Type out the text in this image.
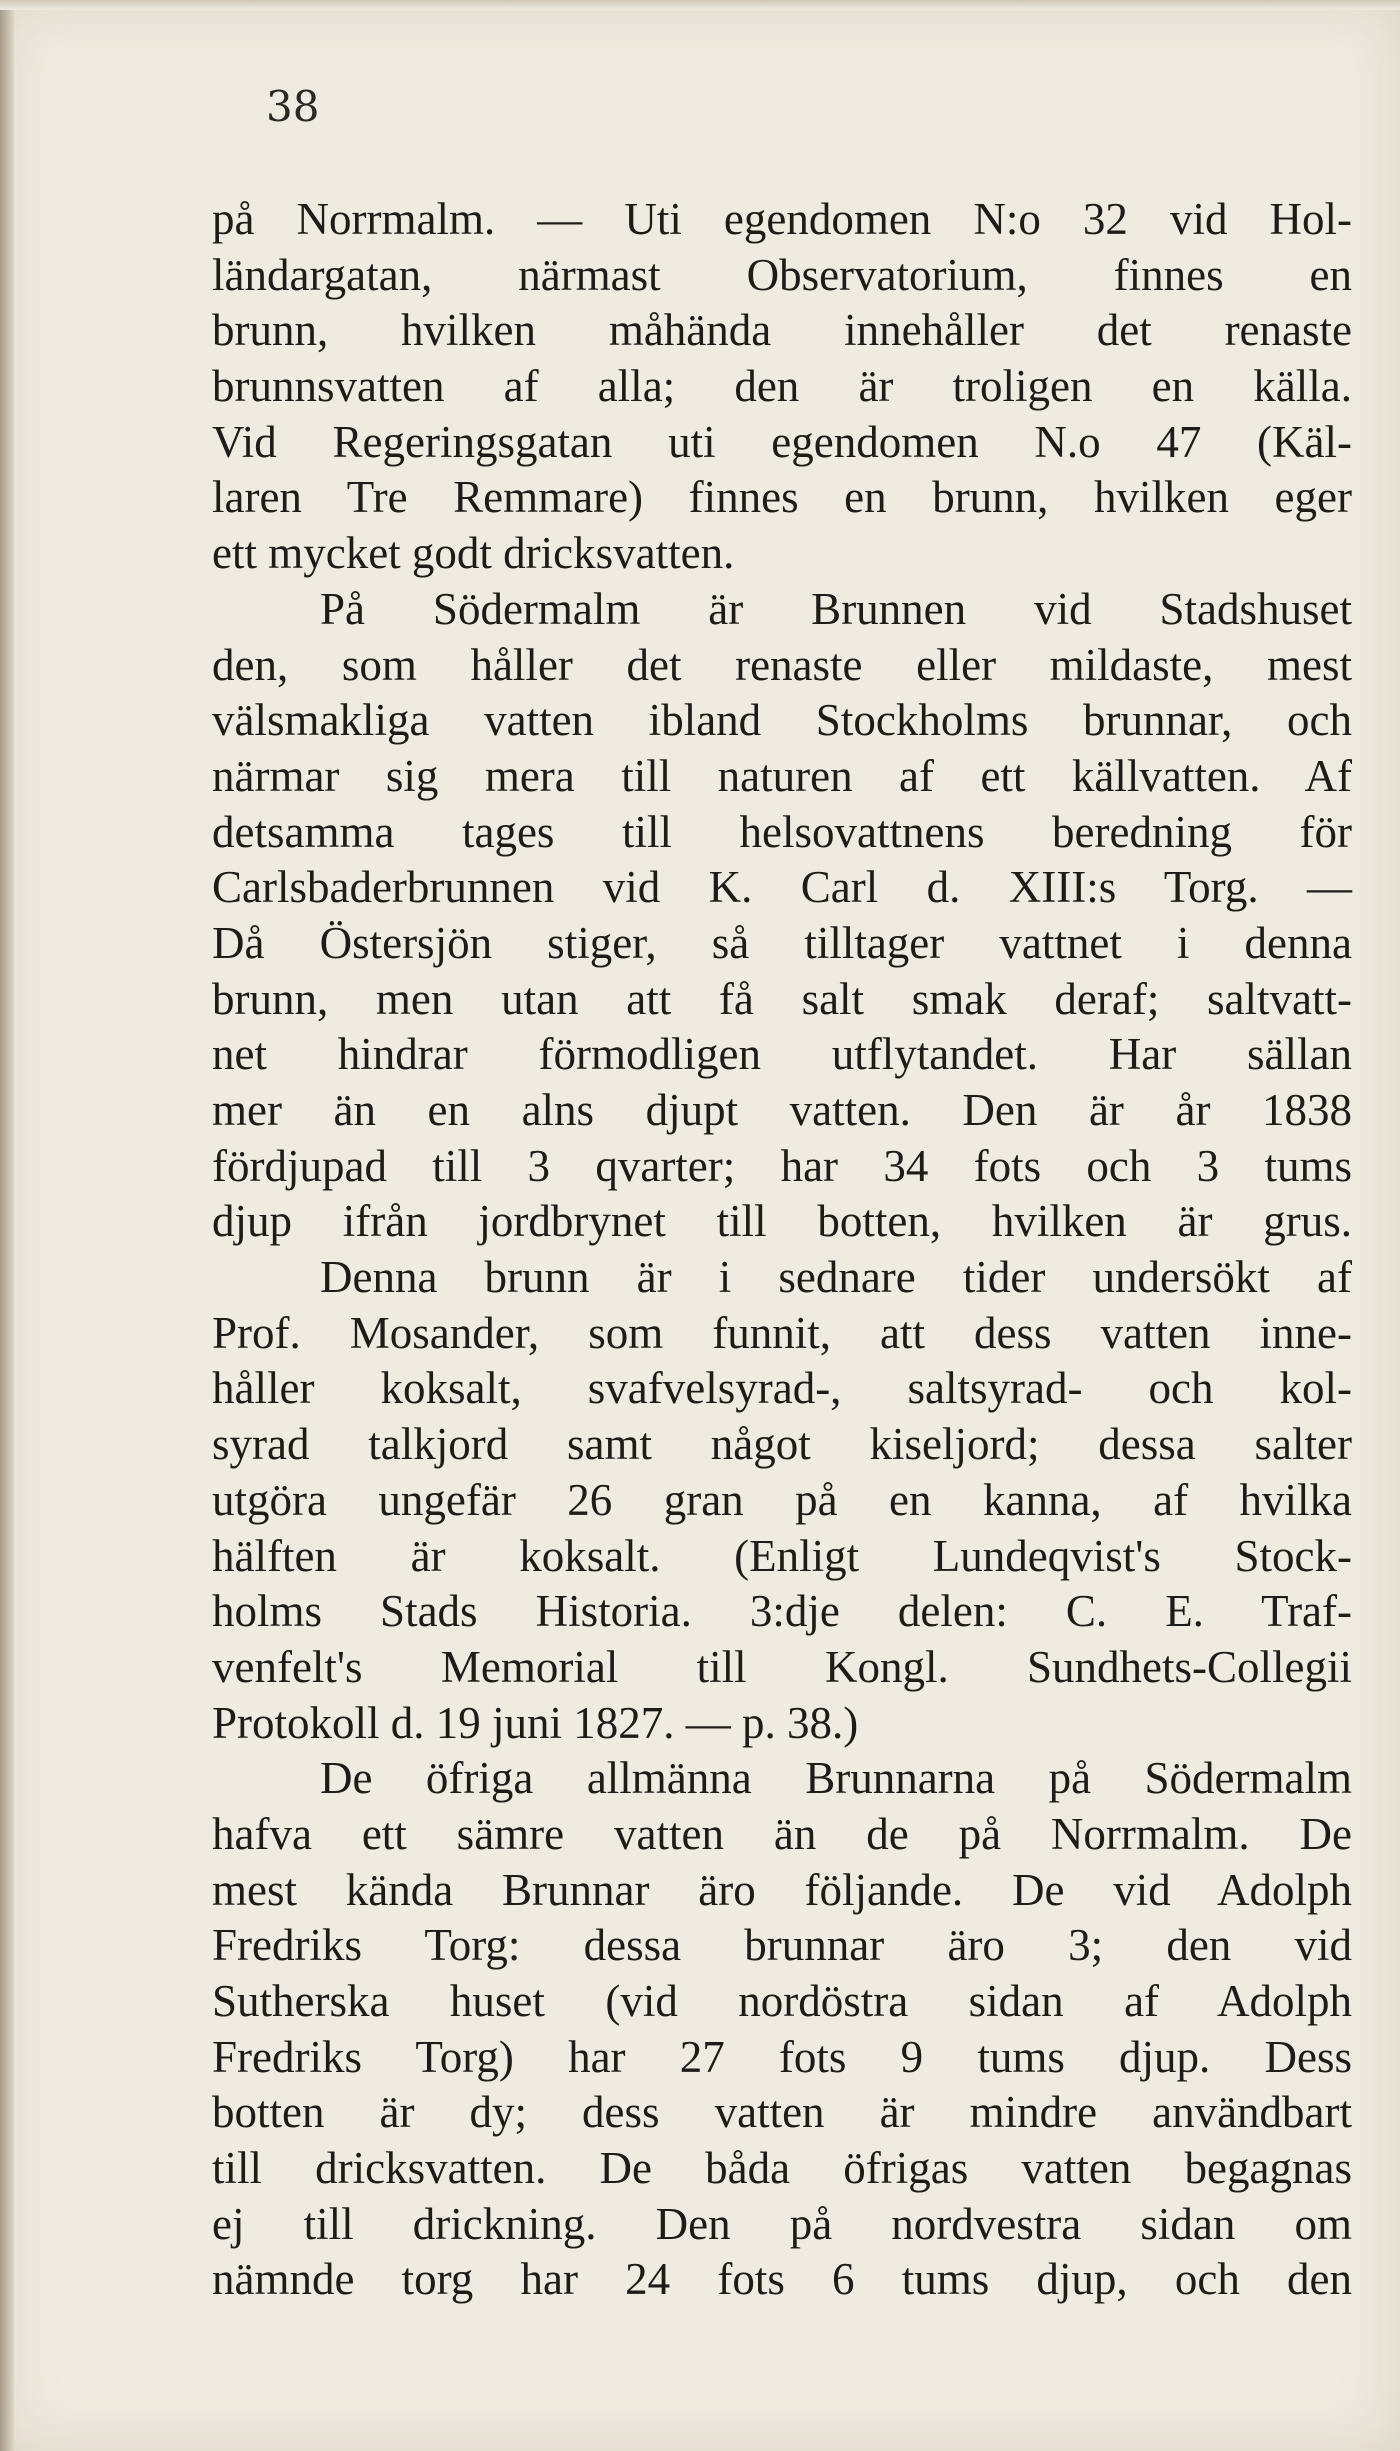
38
på Norrmalm. — Uti egendomen N:o 32 vid Hol-
ländargatan, närmast Observatorium, finnes en
brunn, hvilken måhända innehåller det renaste
brunnsvatten af alla; den är troligen en källa.
Vid Regeringsgatan uti egendomen N.o 47 (Käl-
laren Tre Remmare) finnes en brunn, hvilken eger
ett mycket godt dricksvatten.
På Södermalm är Brunnen vid Stadshuset
den, som håller det renaste eller mildaste, mest
välsmakliga vatten ibland Stockholms brunnar, och
närmar sig mera till naturen af ett källvatten. Af
detsamma tages till helsovattnens beredning för
Carlsbaderbrunnen vid K. Carl d. XIII:s Torg. —
Då Östersjön stiger, så tilltager vattnet i denna
brunn, men utan att få salt smak deraf; saltvatt-
net hindrar förmodligen utflytandet. Har sällan
mer än en alns djupt vatten. Den är år 1838
fördjupad till 3 qvarter; har 34 fots och 3 tums
djup ifrån jordbrynet till botten, hvilken är grus.
Denna brunn är i sednare tider undersökt af
Prof. Mosander, som funnit, att dess vatten inne-
håller koksalt, svafvelsyrad-, saltsyrad- och kol-
syrad talkjord samt något kiseljord; dessa salter
utgöra ungefär 26 gran på en kanna, af hvilka
hälften är koksalt. (Enligt Lundeqvist's Stock-
holms Stads Historia. 3:dje delen: C. E. Traf-
venfelt's Memorial till Kongl. Sundhets-Collegii
Protokoll d. 19 juni 1827. — p. 38.)
De öfriga allmänna Brunnarna på Södermalm
hafva ett sämre vatten än de på Norrmalm. De
mest kända Brunnar äro följande. De vid Adolph
Fredriks Torg: dessa brunnar äro 3; den vid
Sutherska huset (vid nordöstra sidan af Adolph
Fredriks Torg) har 27 fots 9 tums djup. Dess
botten är dy; dess vatten är mindre användbart
till dricksvatten. De båda öfrigas vatten begagnas
ej till drickning. Den på nordvestra sidan om
nämnde torg har 24 fots 6 tums djup, och den
